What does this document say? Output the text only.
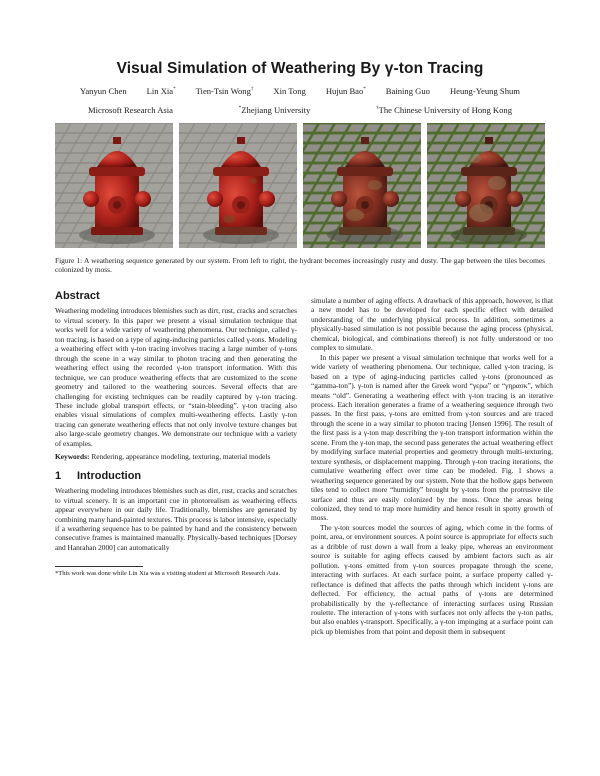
Visual Simulation of Weathering By γ-ton Tracing
Yanyun Chen Lin Xia* Tien-Tsin Wong† Xin Tong Hujun Bao* Baining Guo Heung-Yeung Shum
Microsoft Research Asia	*Zhejiang University	†The Chinese University of Hong Kong
Figure 1: A weathering sequence generated by our system. From left to right, the hydrant becomes increasingly rusty and dusty. The gap between the tiles becomes colonized by moss.
Abstract

Weathering modeling introduces blemishes such as dirt, rust, cracks and scratches to virtual scenery. In this paper we present a visual simulation technique that works well for a wide variety of weathering phenomena. Our technique, called γ-ton tracing, is based on a type of aging-inducing particles called γ-tons. Modeling a weathering effect with γ-ton tracing involves tracing a large number of γ-tons through the scene in a way similar to photon tracing and then generating the weathering effect using the recorded γ-ton transport information. With this technique, we can produce weathering effects that are customized to the scene geometry and tailored to the weathering sources. Several effects that are challenging for existing techniques can be readily captured by γ-ton tracing. These include global transport effects, or “stain-bleeding”. γ-ton tracing also enables visual simulations of complex multi-weathering effects. Lastly γ-ton tracing can generate weathering effects that not only involve texture changes but also large-scale geometry changes. We demonstrate our technique with a variety of examples.

Keywords: Rendering, appearance modeling, texturing, material models

1 Introduction

Weathering modeling introduces blemishes such as dirt, rust, cracks and scratches to virtual scenery. It is an important cue in photorealism as weathering effects appear everywhere in our daily life. Traditionally, blemishes are generated by combining many hand-painted textures. This process is labor intensive, especially if a weathering sequence has to be painted by hand and the consistency between consecutive frames is maintained manually. Physically-based techniques [Dorsey and Hanrahan 2000] can automatically

*This work was done while Lin Xia was a visiting student at Microsoft Research Asia.

simulate a number of aging effects. A drawback of this approach, however, is that a new model has to be developed for each specific effect with detailed understanding of the underlying physical process. In addition, sometimes a physically-based simulation is not possible because the aging process (physical, chemical, biological, and combinations thereof) is not fully understood or too complex to simulate.

In this paper we present a visual simulation technique that works well for a wide variety of weathering phenomena. Our technique, called γ-ton tracing, is based on a type of aging-inducing particles called γ-tons (pronounced as “gamma-ton”). γ-ton is named after the Greek word “γερω” or “γηρασκ”, which means “old”. Generating a weathering effect with γ-ton tracing is an iterative process. Each iteration generates a frame of a weathering sequence through two passes. In the first pass, γ-tons are emitted from γ-ton sources and are traced through the scene in a way similar to photon tracing [Jensen 1996]. The result of the first pass is a γ-ton map describing the γ-ton transport information within the scene. From the γ-ton map, the second pass generates the actual weathering effect by modifying surface material properties and geometry through multi-texturing, texture synthesis, or displacement mapping. Through γ-ton tracing iterations, the cumulative weathering effect over time can be modeled. Fig. 1 shows a weathering sequence generated by our system. Note that the hollow gaps between tiles tend to collect more “humidity” brought by γ-tons from the protrusive tile surface and thus are easily colonized by the moss. Once the areas being colonized, they tend to trap more humidity and hence result in spotty growth of moss.

The γ-ton sources model the sources of aging, which come in the forms of point, area, or environment sources. A point source is appropriate for effects such as a dribble of rust down a wall from a leaky pipe, whereas an environment source is suitable for aging effects caused by ambient factors such as air pollution. γ-tons emitted from γ-ton sources propagate through the scene, interacting with surfaces. At each surface point, a surface property called γ-reflectance is defined that affects the paths through which incident γ-tons are deflected. For efficiency, the actual paths of γ-tons are determined probabilistically by the γ-reflectance of interacting surfaces using Russian roulette. The interaction of γ-tons with surfaces not only affects the γ-ton paths, but also enables γ-transport. Specifically, a γ-ton impinging at a surface point can pick up blemishes from that point and deposit them in subsequent
